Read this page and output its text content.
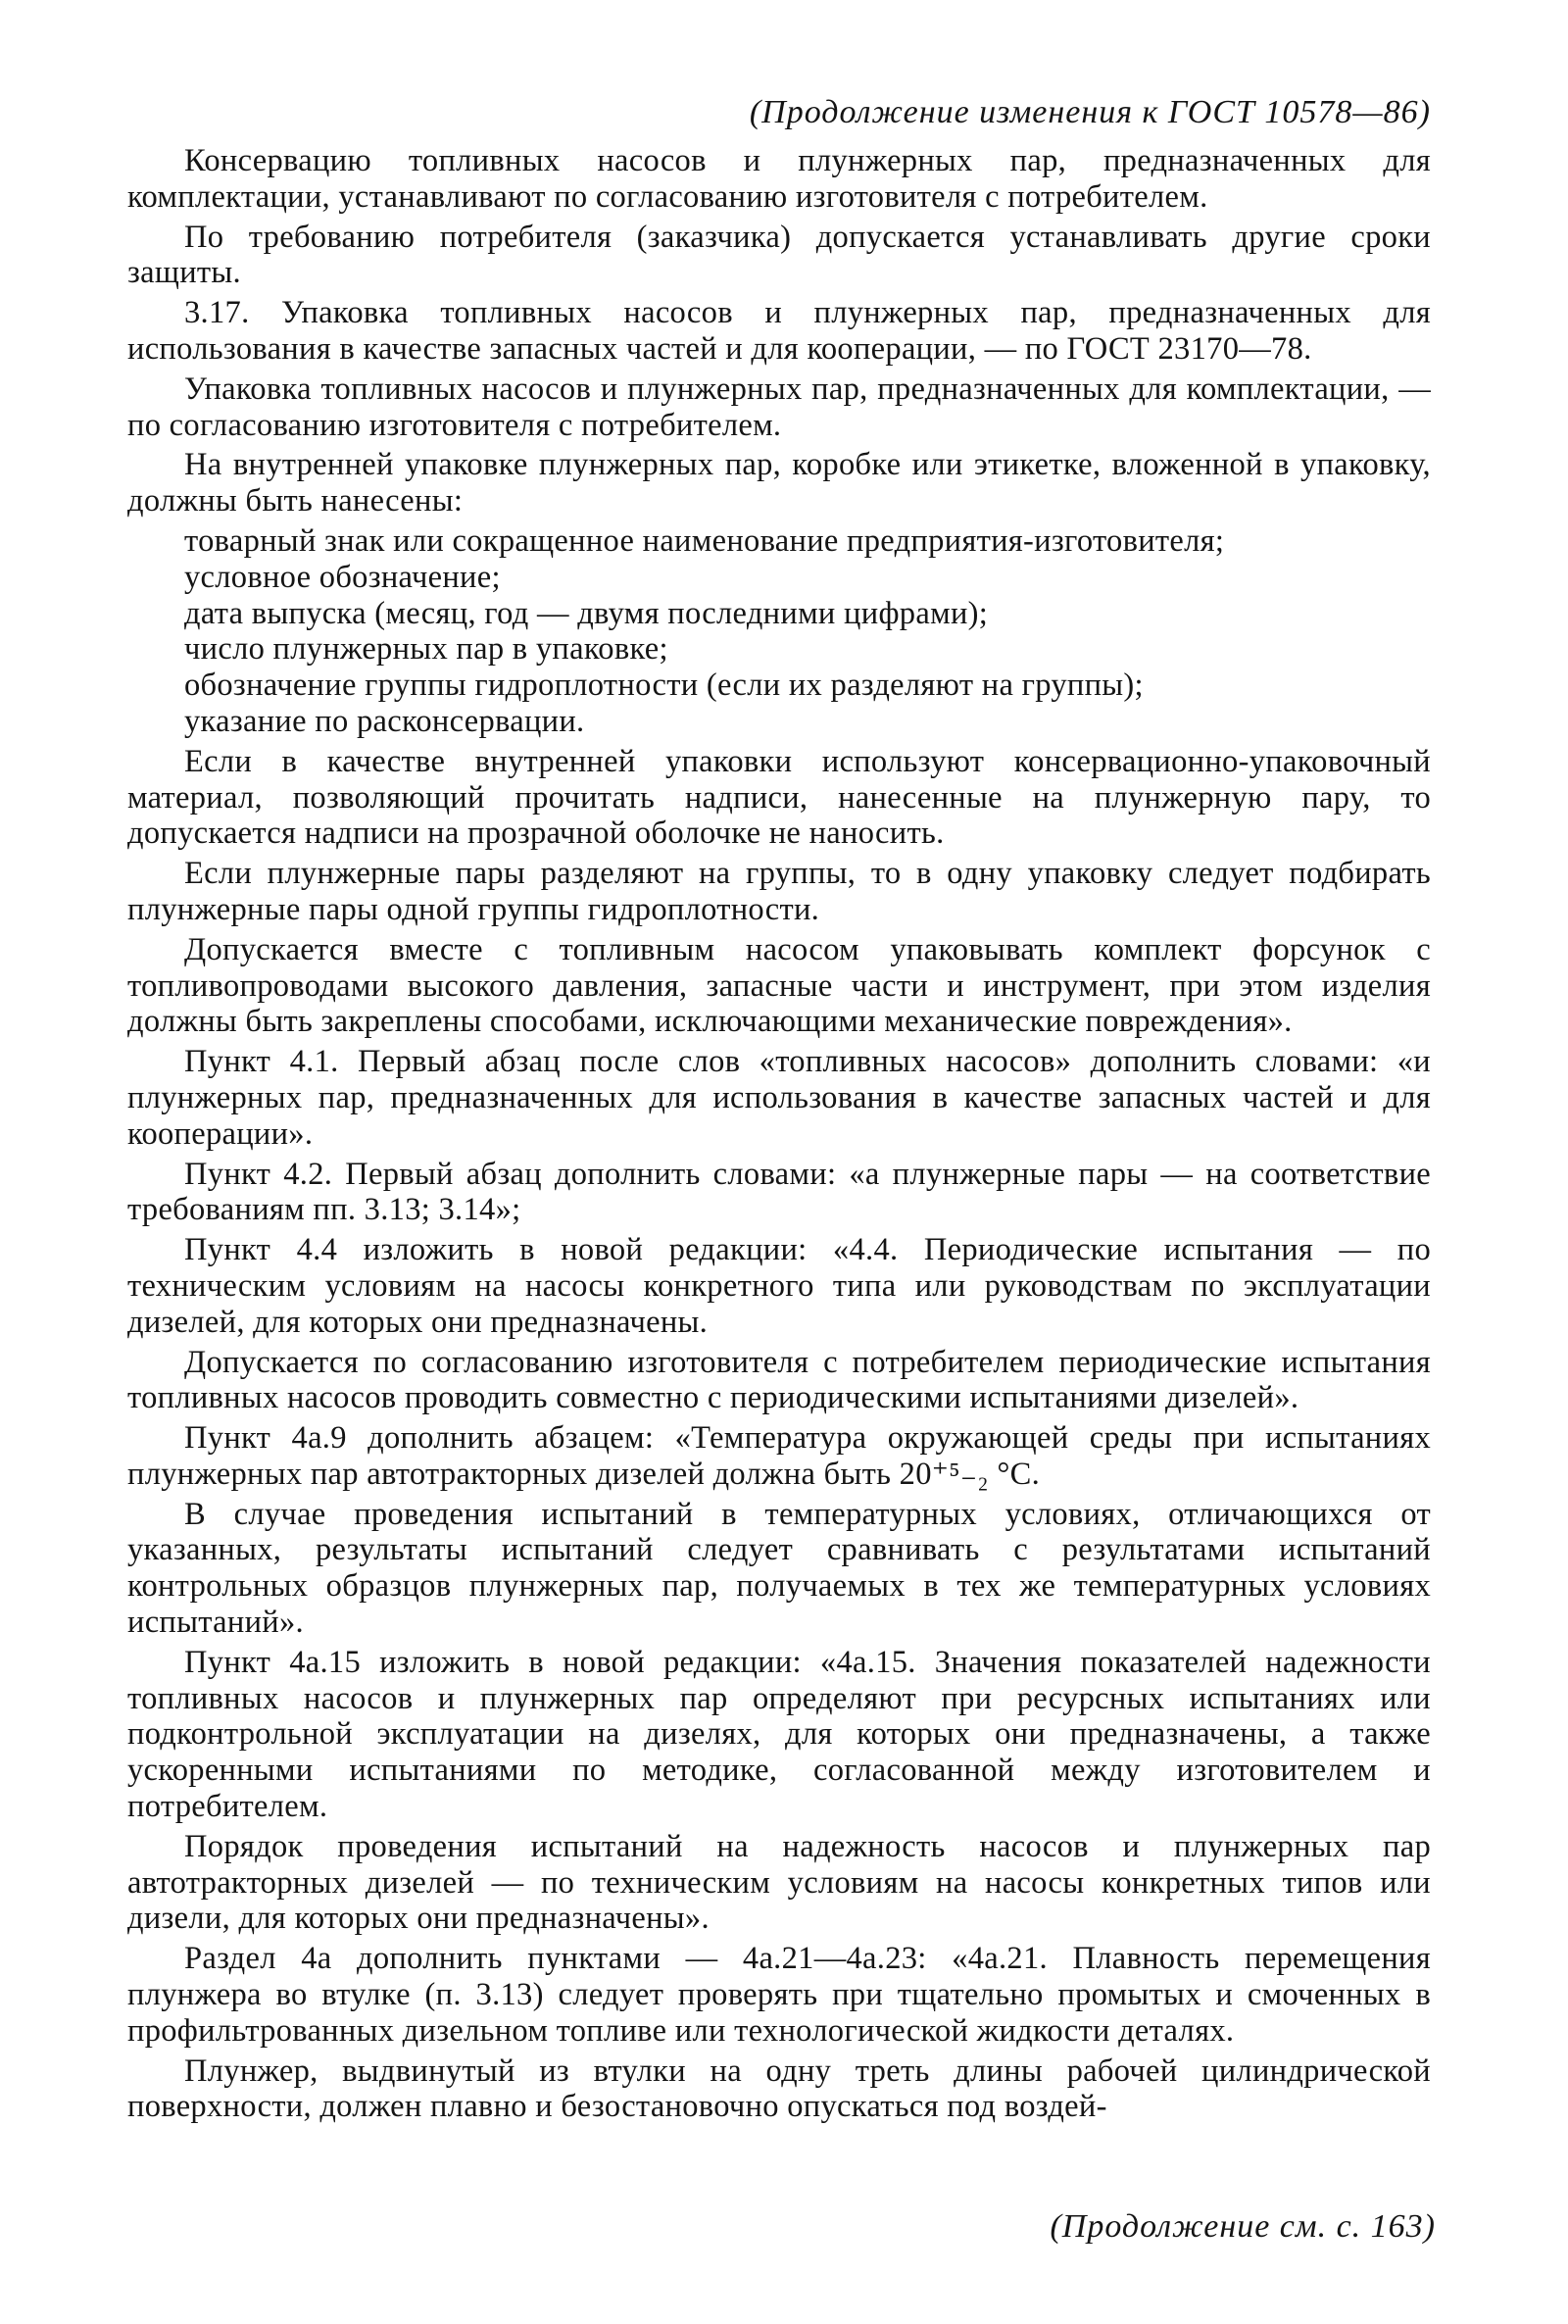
(Продолжение изменения к ГОСТ 10578—86)

Консервацию топливных насосов и плунжерных пар, предназначенных для комплектации, устанавливают по согласованию изготовителя с потребителем.

По требованию потребителя (заказчика) допускается устанавливать другие сроки защиты.

3.17. Упаковка топливных насосов и плунжерных пар, предназначенных для использования в качестве запасных частей и для кооперации, — по ГОСТ 23170—78.

Упаковка топливных насосов и плунжерных пар, предназначенных для комплектации, — по согласованию изготовителя с потребителем.

На внутренней упаковке плунжерных пар, коробке или этикетке, вложенной в упаковку, должны быть нанесены:

товарный знак или сокращенное наименование предприятия-изготовителя;

условное обозначение;

дата выпуска (месяц, год — двумя последними цифрами);

число плунжерных пар в упаковке;

обозначение группы гидроплотности (если их разделяют на группы);

указание по расконсервации.

Если в качестве внутренней упаковки используют консервационно-упаковочный материал, позволяющий прочитать надписи, нанесенные на плунжерную пару, то допускается надписи на прозрачной оболочке не наносить.

Если плунжерные пары разделяют на группы, то в одну упаковку следует подбирать плунжерные пары одной группы гидроплотности.

Допускается вместе с топливным насосом упаковывать комплект форсунок с топливопроводами высокого давления, запасные части и инструмент, при этом изделия должны быть закреплены способами, исключающими механические повреждения».

Пункт 4.1. Первый абзац после слов «топливных насосов» дополнить словами: «и плунжерных пар, предназначенных для использования в качестве запасных частей и для кооперации».

Пункт 4.2. Первый абзац дополнить словами: «а плунжерные пары — на соответствие требованиям пп. 3.13; 3.14»;

Пункт 4.4 изложить в новой редакции: «4.4. Периодические испытания — по техническим условиям на насосы конкретного типа или руководствам по эксплуатации дизелей, для которых они предназначены.

Допускается по согласованию изготовителя с потребителем периодические испытания топливных насосов проводить совместно с периодическими испытаниями дизелей».

Пункт 4а.9 дополнить абзацем: «Температура окружающей среды при испытаниях плунжерных пар автотракторных дизелей должна быть 20⁺⁵₋₂ °С.

В случае проведения испытаний в температурных условиях, отличающихся от указанных, результаты испытаний следует сравнивать с результатами испытаний контрольных образцов плунжерных пар, получаемых в тех же температурных условиях испытаний».

Пункт 4а.15 изложить в новой редакции: «4а.15. Значения показателей надежности топливных насосов и плунжерных пар определяют при ресурсных испытаниях или подконтрольной эксплуатации на дизелях, для которых они предназначены, а также ускоренными испытаниями по методике, согласованной между изготовителем и потребителем.

Порядок проведения испытаний на надежность насосов и плунжерных пар автотракторных дизелей — по техническим условиям на насосы конкретных типов или дизели, для которых они предназначены».

Раздел 4а дополнить пунктами — 4а.21—4а.23: «4а.21. Плавность перемещения плунжера во втулке (п. 3.13) следует проверять при тщательно промытых и смоченных в профильтрованных дизельном топливе или технологической жидкости деталях.

Плунжер, выдвинутый из втулки на одну треть длины рабочей цилиндрической поверхности, должен плавно и безостановочно опускаться под воздей-

(Продолжение см. с. 163)
